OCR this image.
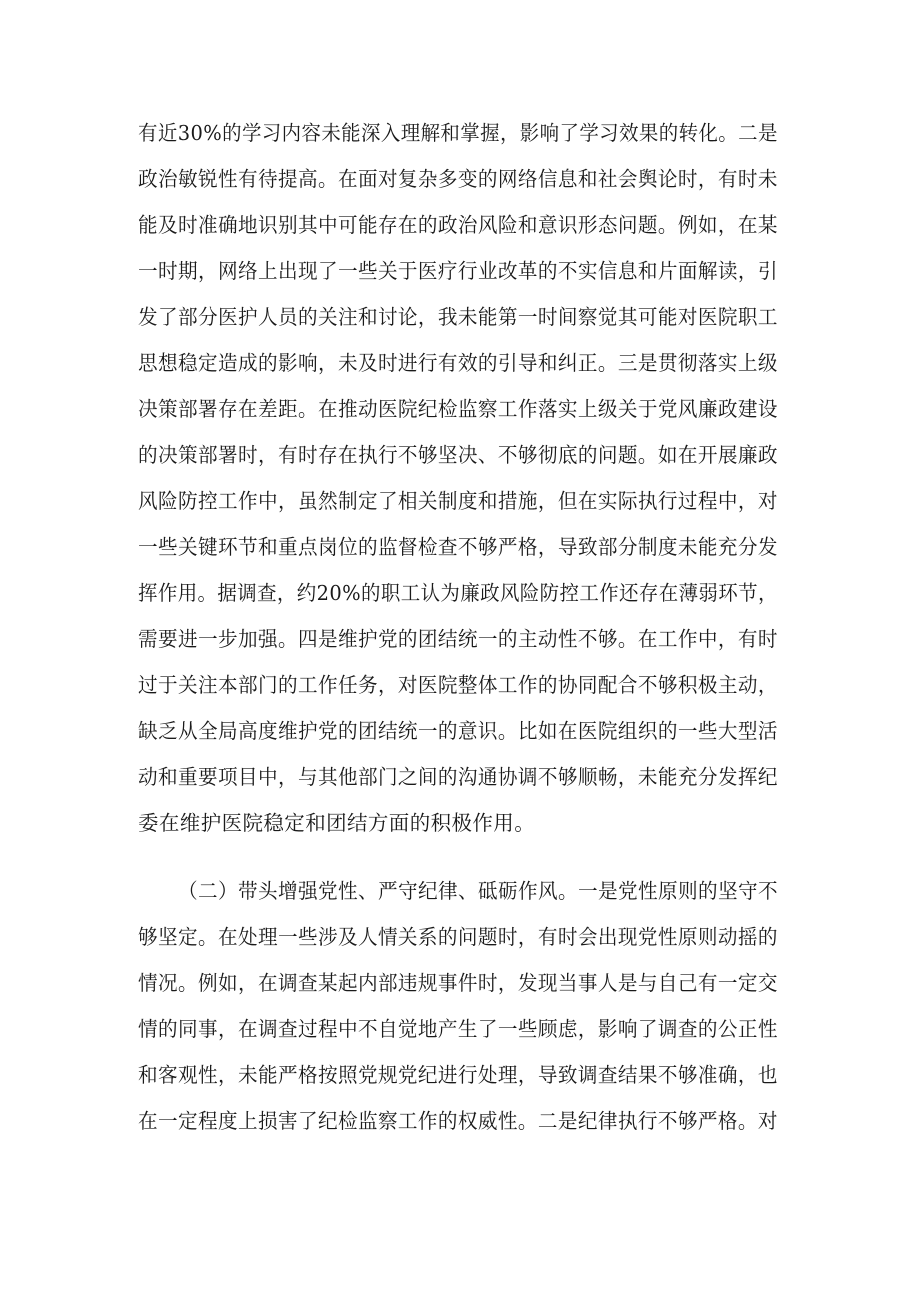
有近30%的学习内容未能深入理解和掌握，影响了学习效果的转化。二是
政治敏锐性有待提高。在面对复杂多变的网络信息和社会舆论时，有时未
能及时准确地识别其中可能存在的政治风险和意识形态问题。例如，在某
一时期，网络上出现了一些关于医疗行业改革的不实信息和片面解读，引
发了部分医护人员的关注和讨论，我未能第一时间察觉其可能对医院职工
思想稳定造成的影响，未及时进行有效的引导和纠正。三是贯彻落实上级
决策部署存在差距。在推动医院纪检监察工作落实上级关于党风廉政建设
的决策部署时，有时存在执行不够坚决、不够彻底的问题。如在开展廉政
风险防控工作中，虽然制定了相关制度和措施，但在实际执行过程中，对
一些关键环节和重点岗位的监督检查不够严格，导致部分制度未能充分发
挥作用。据调查，约20%的职工认为廉政风险防控工作还存在薄弱环节，
需要进一步加强。四是维护党的团结统一的主动性不够。在工作中，有时
过于关注本部门的工作任务，对医院整体工作的协同配合不够积极主动，
缺乏从全局高度维护党的团结统一的意识。比如在医院组织的一些大型活
动和重要项目中，与其他部门之间的沟通协调不够顺畅，未能充分发挥纪
委在维护医院稳定和团结方面的积极作用。
（二）带头增强党性、严守纪律、砥砺作风。一是党性原则的坚守不
够坚定。在处理一些涉及人情关系的问题时，有时会出现党性原则动摇的
情况。例如，在调查某起内部违规事件时，发现当事人是与自己有一定交
情的同事，在调查过程中不自觉地产生了一些顾虑，影响了调查的公正性
和客观性，未能严格按照党规党纪进行处理，导致调查结果不够准确，也
在一定程度上损害了纪检监察工作的权威性。二是纪律执行不够严格。对
